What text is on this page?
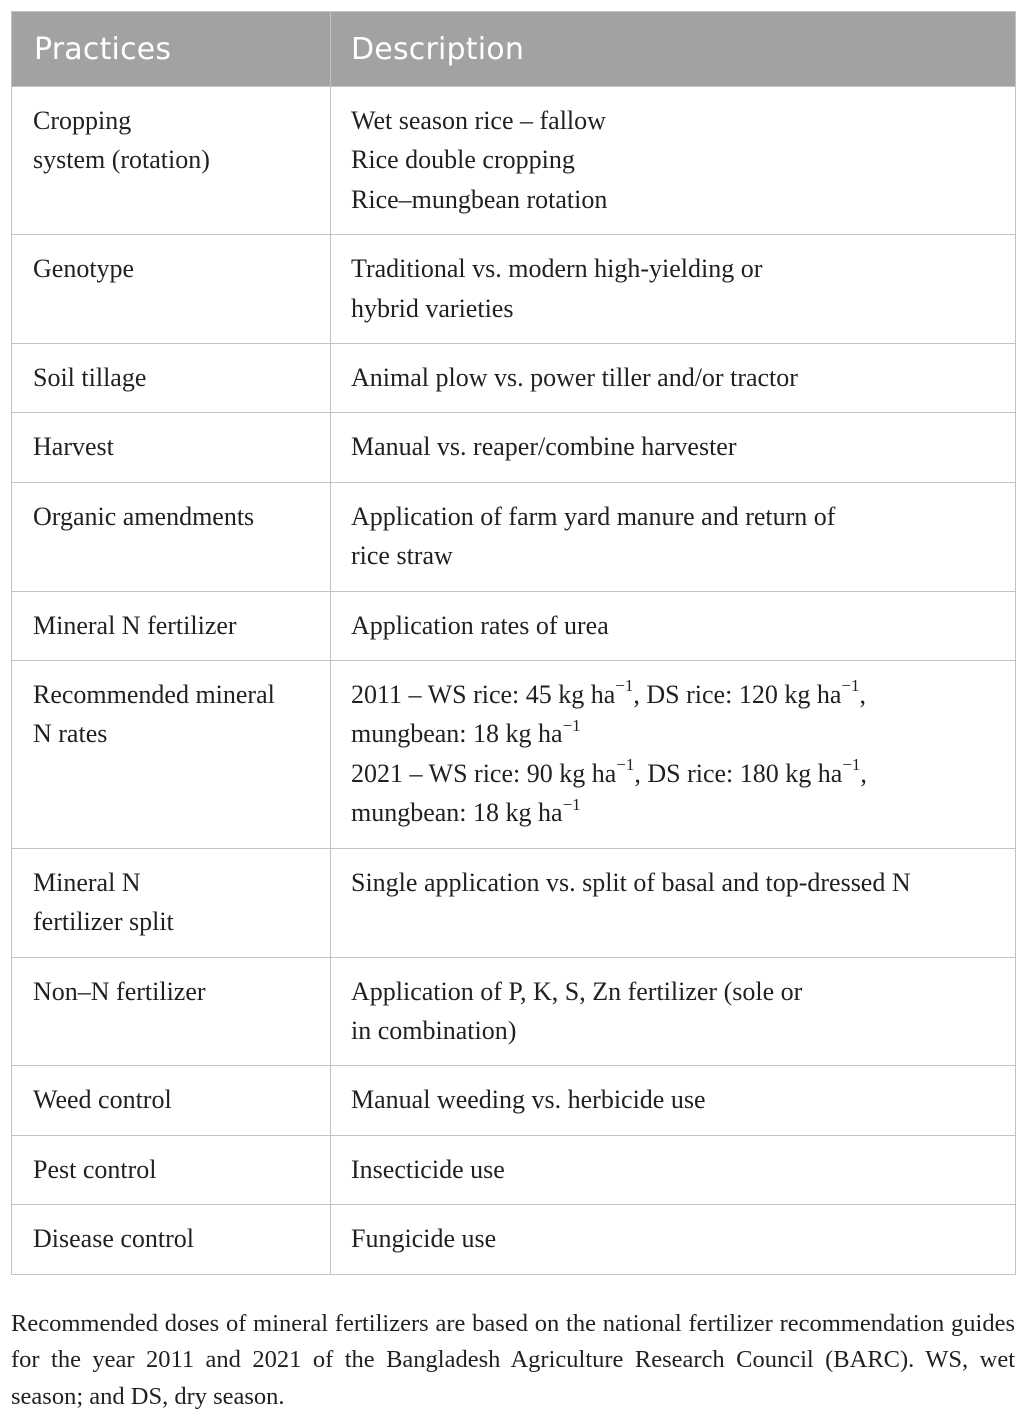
Practices	Description

Cropping
system (rotation)	Wet season rice – fallow
Rice double cropping
Rice–mungbean rotation

Genotype	Traditional vs. modern high-yielding or
hybrid varieties

Soil tillage	Animal plow vs. power tiller and/or tractor

Harvest	Manual vs. reaper/combine harvester

Organic amendments	Application of farm yard manure and return of
rice straw

Mineral N fertilizer	Application rates of urea

Recommended mineral
N rates	2011 – WS rice: 45 kg $ha^{-1}$, DS rice: 120 kg $ha^{-1}$,
mungbean: 18 kg $ha^{-1}$
2021 – WS rice: 90 kg $ha^{-1}$, DS rice: 180 kg $ha^{-1}$,
mungbean: 18 kg $ha^{-1}$

Mineral N
fertilizer split	Single application vs. split of basal and top-dressed N

Non–N fertilizer	Application of P, K, S, Zn fertilizer (sole or
in combination)

Weed control	Manual weeding vs. herbicide use

Pest control	Insecticide use

Disease control	Fungicide use

Recommended doses of mineral fertilizers are based on the national fertilizer recommendation guides for the year 2011 and 2021 of the Bangladesh Agriculture Research Council (BARC). WS, wet season; and DS, dry season.
